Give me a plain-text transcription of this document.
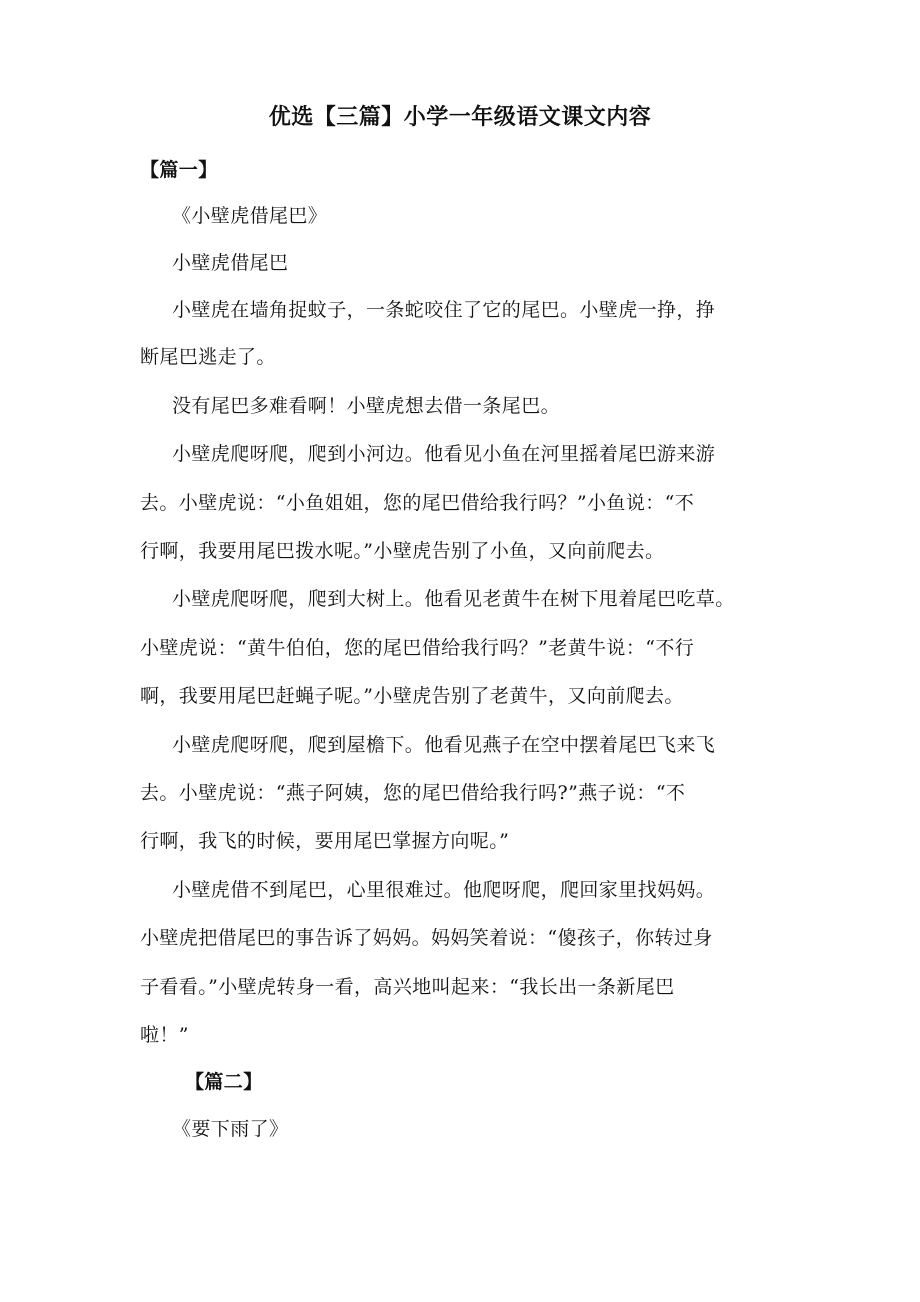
优选【三篇】小学一年级语文课文内容
【篇一】
《小壁虎借尾巴》
小壁虎借尾巴
小壁虎在墙角捉蚊子，一条蛇咬住了它的尾巴。小壁虎一挣，挣
断尾巴逃走了。
没有尾巴多难看啊！小壁虎想去借一条尾巴。
小壁虎爬呀爬，爬到小河边。他看见小鱼在河里摇着尾巴游来游
去。小壁虎说：“小鱼姐姐，您的尾巴借给我行吗？”小鱼说：“不
行啊，我要用尾巴拨水呢。”小壁虎告别了小鱼，又向前爬去。
小壁虎爬呀爬，爬到大树上。他看见老黄牛在树下甩着尾巴吃草。
小壁虎说：“黄牛伯伯，您的尾巴借给我行吗？”老黄牛说：“不行
啊，我要用尾巴赶蝇子呢。”小壁虎告别了老黄牛，又向前爬去。
小壁虎爬呀爬，爬到屋檐下。他看见燕子在空中摆着尾巴飞来飞
去。小壁虎说：“燕子阿姨，您的尾巴借给我行吗?”燕子说：“不
行啊，我飞的时候，要用尾巴掌握方向呢。”
小壁虎借不到尾巴，心里很难过。他爬呀爬，爬回家里找妈妈。
小壁虎把借尾巴的事告诉了妈妈。妈妈笑着说：“傻孩子，你转过身
子看看。”小壁虎转身一看，高兴地叫起来：“我长出一条新尾巴
啦！”
【篇二】
《要下雨了》
